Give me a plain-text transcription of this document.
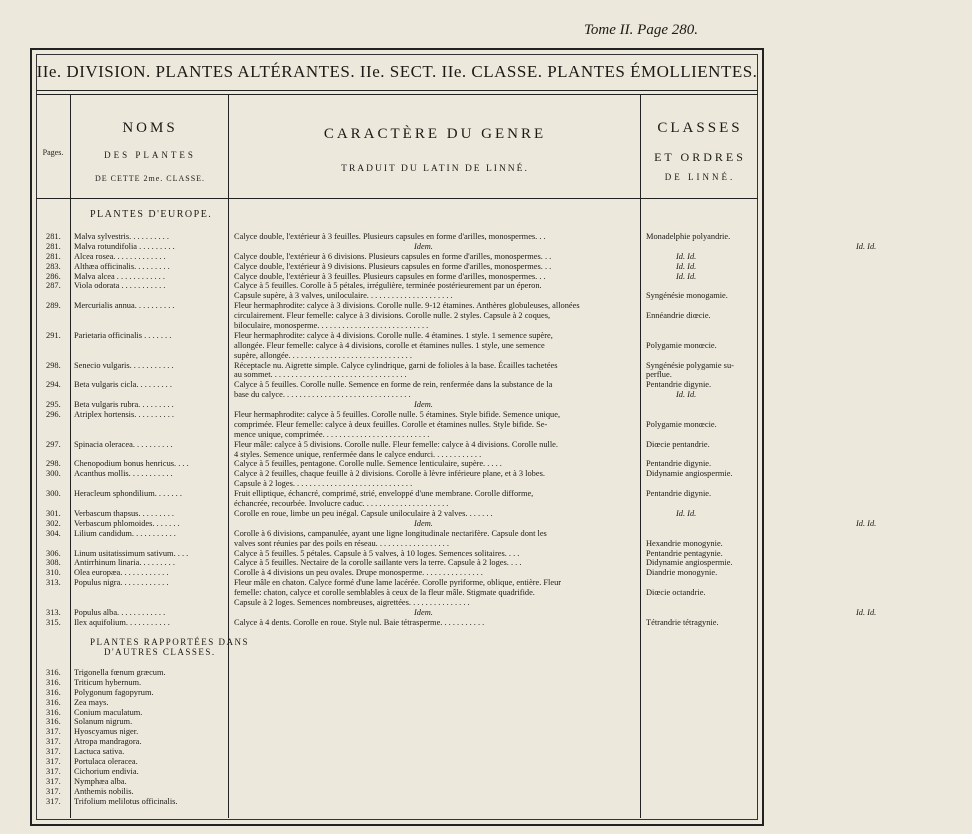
Tome II. Page 280.
IIe. DIVISION. PLANTES ALTÉRANTES. IIe. SECT. IIe. CLASSE. PLANTES ÉMOLLIENTES.
Pages.
NOMS
DES PLANTES
DE CETTE 2me. CLASSE.
CARACTÈRE DU GENRE
TRADUIT DU LATIN DE LINNÉ.
CLASSES
ET ORDRES
DE LINNÉ.
PLANTES D'EUROPE.
281.	Malva sylvestris. . . . . . . . . .	Calyce double, l'extérieur à 3 feuilles. Plusieurs capsules en forme d'arilles, monospermes. . .	Monadelphie polyandrie.
281.	Malva rotundifolia . . . . . . . . .	Idem.	Id. Id.
281.	Alcea rosea. . . . . . . . . . . . .	Calyce double, l'extérieur à 6 divisions. Plusieurs capsules en forme d'arilles, monospermes. . .	Id. Id.
283.	Althæa officinalis. . . . . . . . .	Calyce double, l'extérieur à 9 divisions. Plusieurs capsules en forme d'arilles, monospermes. . .	Id. Id.
286.	Malva alcea . . . . . . . . . . . .	Calyce double, l'extérieur à 3 feuilles. Plusieurs capsules en forme d'arilles, monospermes. . .	Id. Id.
287.	Viola odorata . . . . . . . . . . .	Calyce à 5 feuilles. Corolle à 5 pétales, irrégulière, terminée postérieurement par un éperon.
Capsule supère, à 3 valves, uniloculaire. . . . . . . . . . . . . . . . . . . . .	Syngénésie monogamie.
289.	Mercurialis annua. . . . . . . . . .	Fleur hermaphrodite: calyce à 3 divisions. Corolle nulle. 9-12 étamines. Anthères globuleuses, allonées
circulairement. Fleur femelle: calyce à 3 divisions. Corolle nulle. 2 styles. Capsule à 2 coques,	Ennéandrie diœcie.
biloculaire, monosperme. . . . . . . . . . . . . . . . . . . . . . . . . . .
291.	Parietaria officinalis . . . . . . .	Fleur hermaphrodite: calyce à 4 divisions. Corolle nulle. 4 étamines. 1 style. 1 semence supère,
allongée. Fleur femelle: calyce à 4 divisions, corolle et étamines nulles. 1 style, une semence	Polygamie monœcie.
supère, allongée. . . . . . . . . . . . . . . . . . . . . . . . . . . . . .
298.	Senecio vulgaris. . . . . . . . . . .	Réceptacle nu. Aigrette simple. Calyce cylindrique, garni de folioles à la base. Écailles tachetées	Syngénésie polygamie su-
au sommet. . . . . . . . . . . . . . . . . . . . . . . . . . . . . . . . .	perflue.
294.	Beta vulgaris cicla. . . . . . . . .	Calyce à 5 feuilles. Corolle nulle. Semence en forme de rein, renfermée dans la substance de la	Pentandrie digynie.
base du calyce. . . . . . . . . . . . . . . . . . . . . . . . . . . . . . .	Id. Id.
295.	Beta vulgaris rubra. . . . . . . . .	Idem.
296.	Atriplex hortensis. . . . . . . . . .	Fleur hermaphrodite: calyce à 5 feuilles. Corolle nulle. 5 étamines. Style bifide. Semence unique,
comprimée. Fleur femelle: calyce à deux feuilles. Corolle et étamines nulles. Style bifide. Se-	Polygamie monœcie.
mence unique, comprimée. . . . . . . . . . . . . . . . . . . . . . . . . .
297.	Spinacia oleracea. . . . . . . . . .	Fleur mâle: calyce à 5 divisions. Corolle nulle. Fleur femelle: calyce à 4 divisions. Corolle nulle.	Diœcie pentandrie.
4 styles. Semence unique, renfermée dans le calyce endurci. . . . . . . . . . . .
298.	Chenopodium bonus henricus. . . .	Calyce à 5 feuilles, pentagone. Corolle nulle. Semence lenticulaire, supère. . . . .	Pentandrie digynie.
300.	Acanthus mollis. . . . . . . . . . .	Calyce à 2 feuilles, chaque feuille à 2 divisions. Corolle à lèvre inférieure plane, et à 3 lobes.	Didynamie angiospermie.
Capsule à 2 loges. . . . . . . . . . . . . . . . . . . . . . . . . . . . .
300.	Heracleum sphondilium. . . . . . .	Fruit elliptique, échancré, comprimé, strié, enveloppé d'une membrane. Corolle difforme,	Pentandrie digynie.
échancrée, recourbée. Involucre caduc. . . . . . . . . . . . . . . . . . . . .
301.	Verbascum thapsus. . . . . . . . .	Corolle en roue, limbe un peu inégal. Capsule uniloculaire à 2 valves. . . . . . .	Id. Id.
302.	Verbascum phlomoides. . . . . . .	Idem.	Id. Id.
304.	Lilium candidum. . . . . . . . . . .	Corolle à 6 divisions, campanulée, ayant une ligne longitudinale nectarifère. Capsule dont les
valves sont réunies par des poils en réseau. . . . . . . . . . . . . . . . . .	Hexandrie monogynie.
306.	Linum usitatissimum sativum. . . .	Calyce à 5 feuilles. 5 pétales. Capsule à 5 valves, à 10 loges. Semences solitaires. . . .	Pentandrie pentagynie.
308.	Antirrhinum linaria. . . . . . . . .	Calyce à 5 feuilles. Nectaire de la corolle saillante vers la terre. Capsule à 2 loges. . . .	Didynamie angiospermie.
310.	Olea europæa. . . . . . . . . . . .	Corolle à 4 divisions un peu ovales. Drupe monosperme. . . . . . . . . . . . . . .	Diandrie monogynie.
313.	Populus nigra. . . . . . . . . . . .	Fleur mâle en chaton. Calyce formé d'une lame lacérée. Corolle pyriforme, oblique, entière. Fleur
femelle: chaton, calyce et corolle semblables à ceux de la fleur mâle. Stigmate quadrifide.	Diœcie octandrie.
Capsule à 2 loges. Semences nombreuses, aigrettées. . . . . . . . . . . . . . .
313.	Populus alba. . . . . . . . . . . .	Idem.	Id. Id.
315.	Ilex aquifolium. . . . . . . . . . .	Calyce à 4 dents. Corolle en roue. Style nul. Baie tétrasperme. . . . . . . . . . .	Tétrandrie tétragynie.
PLANTES RAPPORTÉES DANS
D'AUTRES CLASSES.
316.	Trigonella fœnum græcum.
316.	Triticum hybernum.
316.	Polygonum fagopyrum.
316.	Zea mays.
316.	Conium maculatum.
316.	Solanum nigrum.
317.	Hyoscyamus niger.
317.	Atropa mandragora.
317.	Lactuca sativa.
317.	Portulaca oleracea.
317.	Cichorium endivia.
317.	Nymphæa alba.
317.	Anthemis nobilis.
317.	Trifolium melilotus officinalis.
